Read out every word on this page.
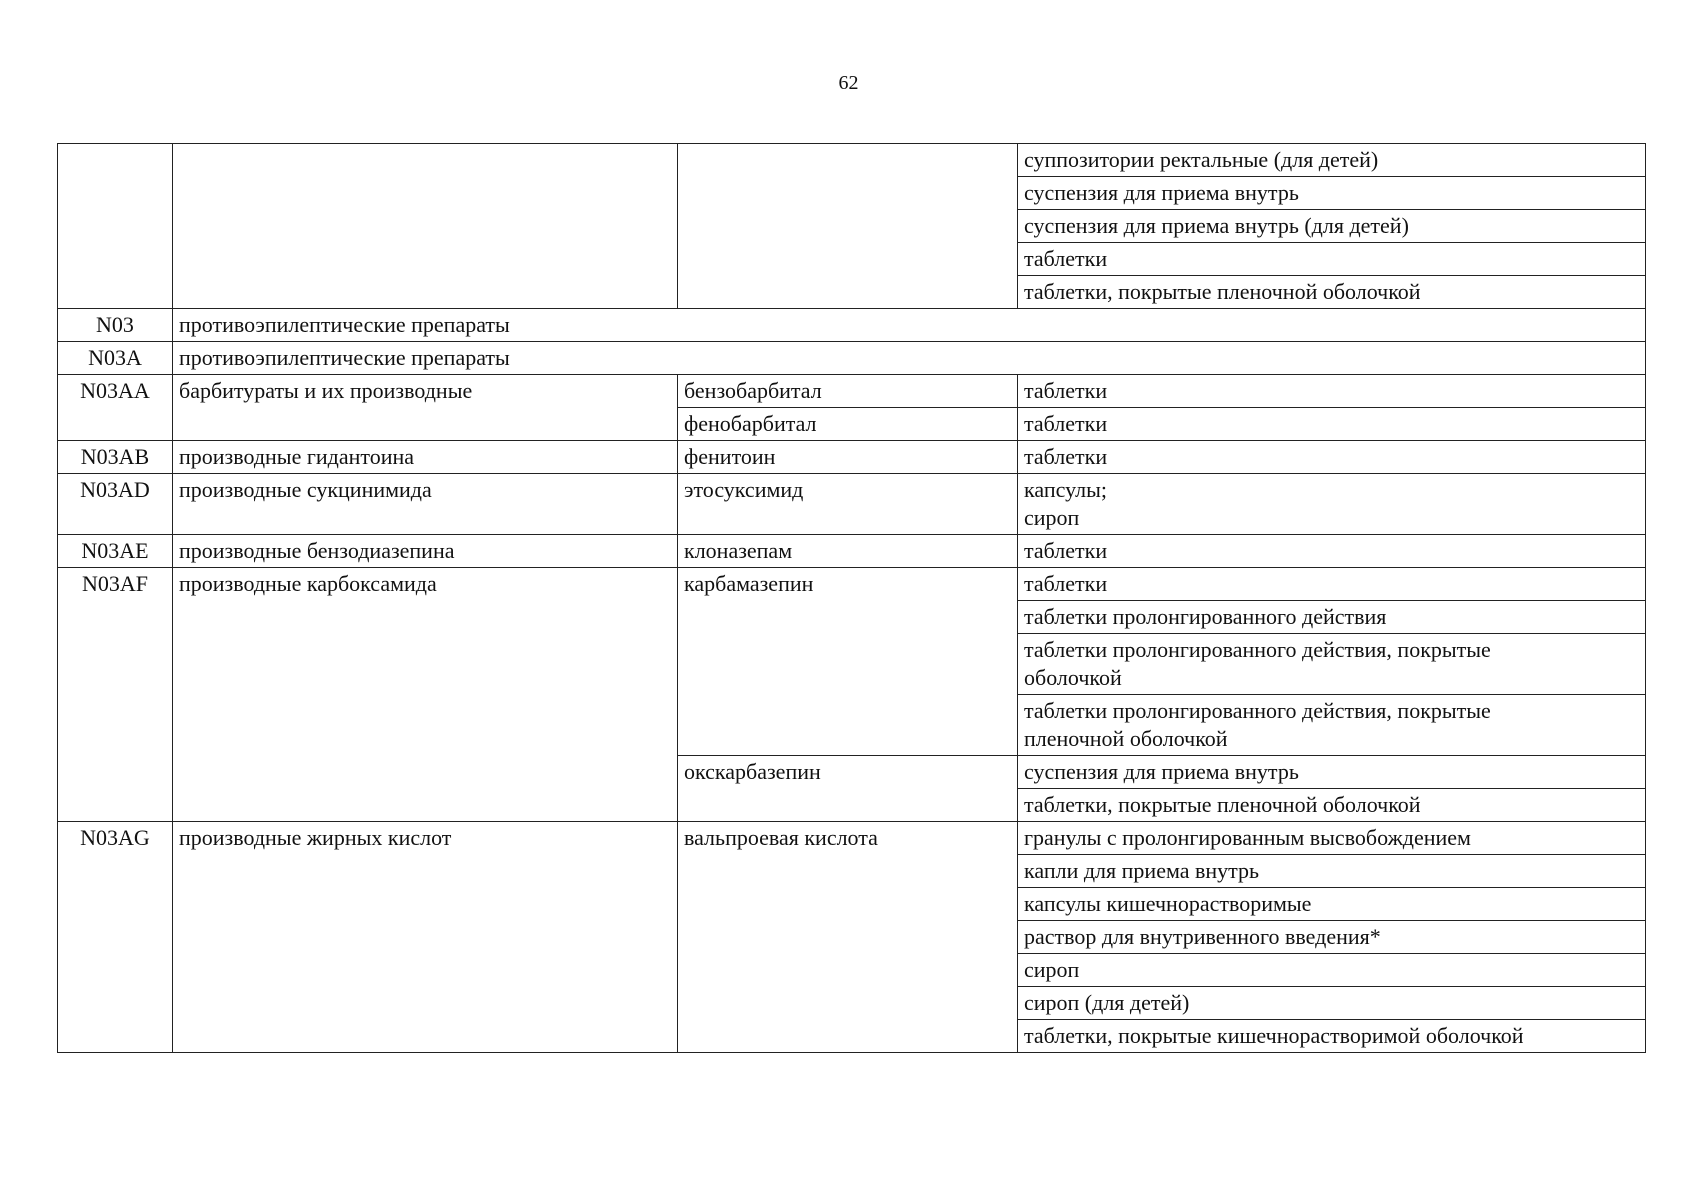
62
			суппозитории ректальные (для детей)
			суспензия для приема внутрь
			суспензия для приема внутрь (для детей)
			таблетки
			таблетки, покрытые пленочной оболочкой
N03	противоэпилептические препараты		
N03A	противоэпилептические препараты		
N03AA	барбитураты и их производные	бензобарбитал	таблетки
		фенобарбитал	таблетки
N03AB	производные гидантоина	фенитоин	таблетки
N03AD	производные сукцинимида	этосуксимид	капсулы;
сироп

N03AE	производные бензодиазепина	клоназепам	таблетки
N03AF	производные карбоксамида	карбамазепин	таблетки
			таблетки пролонгированного действия

			таблетки пролонгированного действия, покрытые
оболочкой

			таблетки пролонгированного действия, покрытые
пленочной оболочкой

		окскарбазепин	суспензия для приема внутрь
			таблетки, покрытые пленочной оболочкой
N03AG	производные жирных кислот	вальпроевая кислота	гранулы с пролонгированным высвобождением
			капли для приема внутрь
			капсулы кишечнорастворимые
			раствор для внутривенного введения*
			сироп
			сироп (для детей)
			таблетки, покрытые кишечнорастворимой оболочкой
